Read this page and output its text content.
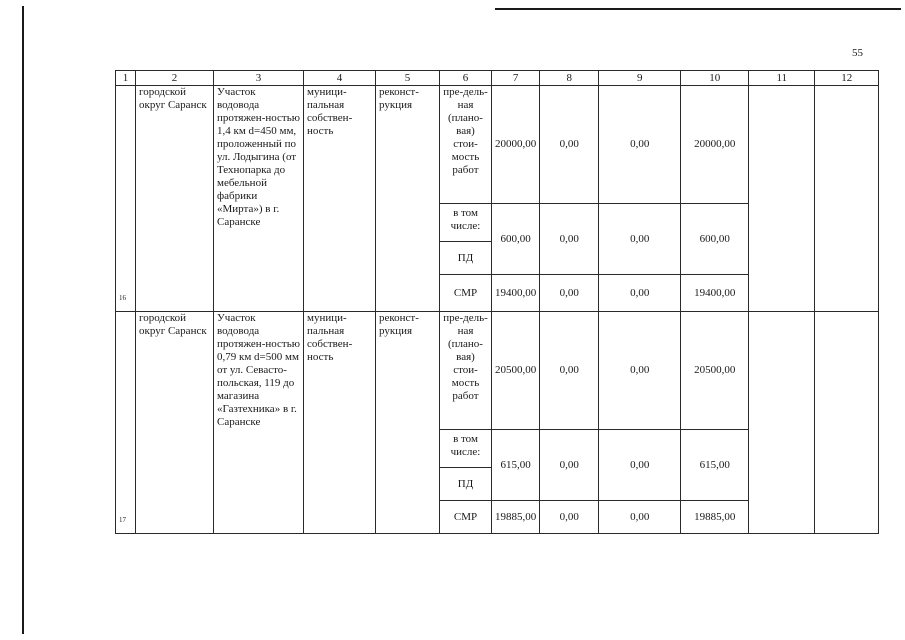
55
1	2	3	4	5	6	7	8	9	10	11	12
16	городской округ Саранск	Участок водовода протяжен-ностью 1,4 км d=450 мм, проложенный по ул. Лодыгина (от Технопарка до мебельной фабрики «Мирта») в г. Саранске	муници-пальная собствен-ность	реконст-рукция	пре-дель-ная (плано-вая) стои-мость работ	20000,00	0,00	0,00	20000,00		
					в том числе:	600,00	0,00	0,00	600,00		
					ПД						
					СМР	19400,00	0,00	0,00	19400,00		
17	городской округ Саранск	Участок водовода протяжен-ностью 0,79 км d=500 мм от ул. Севасто-польская, 119 до магазина «Газтехника» в г. Саранске	муници-пальная собствен-ность	реконст-рукция	пре-дель-ная (плано-вая) стои-мость работ	20500,00	0,00	0,00	20500,00		
					в том числе:	615,00	0,00	0,00	615,00		
					ПД						
					СМР	19885,00	0,00	0,00	19885,00		
